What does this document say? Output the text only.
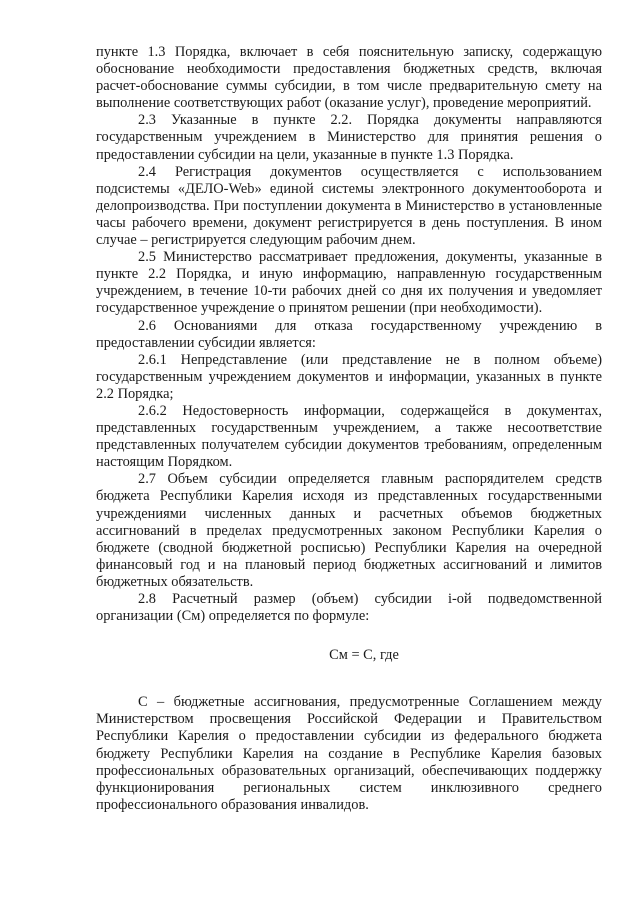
пункте 1.3 Порядка, включает в себя пояснительную записку, содержащую обоснование необходимости предоставления бюджетных средств, включая расчет-обоснование суммы субсидии, в том числе предварительную смету на выполнение соответствующих работ (оказание услуг), проведение мероприятий.

2.3 Указанные в пункте 2.2. Порядка документы направляются государственным учреждением в Министерство для принятия решения о предоставлении субсидии на цели, указанные в пункте 1.3 Порядка.

2.4 Регистрация документов осуществляется с использованием подсистемы «ДЕЛО-Web» единой системы электронного документооборота и делопроизводства. При поступлении документа в Министерство в установленные часы рабочего времени, документ регистрируется в день поступления. В ином случае – регистрируется следующим рабочим днем.

2.5 Министерство рассматривает предложения, документы, указанные в пункте 2.2 Порядка, и иную информацию, направленную государственным учреждением, в течение 10-ти рабочих дней со дня их получения и уведомляет государственное учреждение о принятом решении (при необходимости).

2.6 Основаниями для отказа государственному учреждению в предоставлении субсидии является:

2.6.1 Непредставление (или представление не в полном объеме) государственным учреждением документов и информации, указанных в пункте 2.2 Порядка;

2.6.2 Недостоверность информации, содержащейся в документах, представленных государственным учреждением, а также несоответствие представленных получателем субсидии документов требованиям, определенным настоящим Порядком.

2.7 Объем субсидии определяется главным распорядителем средств бюджета Республики Карелия исходя из представленных государственными учреждениями численных данных и расчетных объемов бюджетных ассигнований в пределах предусмотренных законом Республики Карелия о бюджете (сводной бюджетной росписью) Республики Карелия на очередной финансовый год и на плановый период бюджетных ассигнований и лимитов бюджетных обязательств.

2.8 Расчетный размер (объем) субсидии i-ой подведомственной организации (См) определяется по формуле:

См = С, где

С – бюджетные ассигнования, предусмотренные Соглашением между Министерством просвещения Российской Федерации и Правительством Республики Карелия о предоставлении субсидии из федерального бюджета бюджету Республики Карелия на создание в Республике Карелия базовых профессиональных образовательных организаций, обеспечивающих поддержку функционирования региональных систем инклюзивного среднего профессионального образования инвалидов.
